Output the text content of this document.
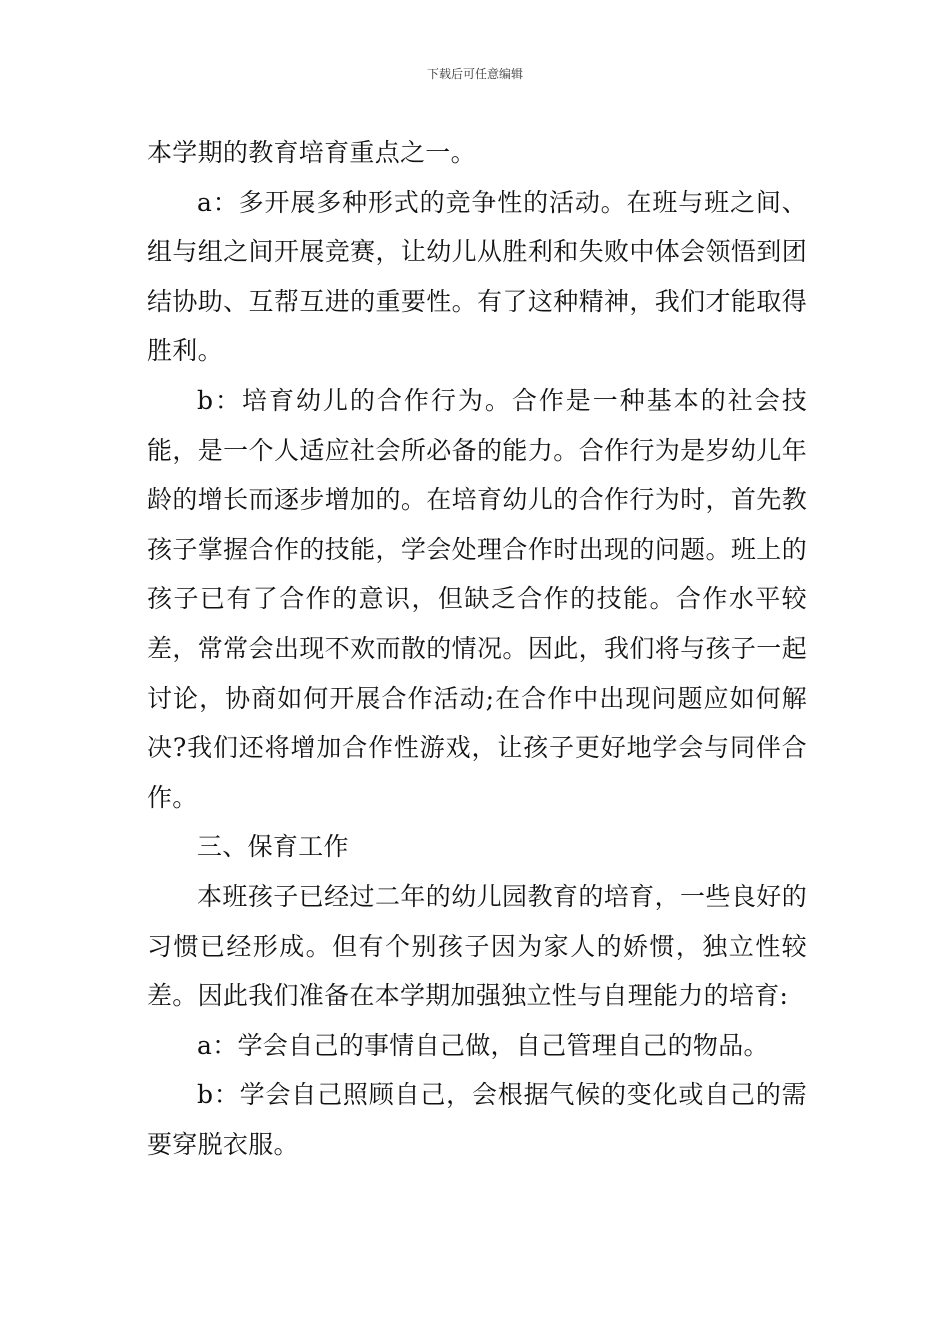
下载后可任意编辑

本学期的教育培育重点之一。

a：多开展多种形式的竞争性的活动。在班与班之间、组与组之间开展竞赛，让幼儿从胜利和失败中体会领悟到团结协助、互帮互进的重要性。有了这种精神，我们才能取得胜利。

b：培育幼儿的合作行为。合作是一种基本的社会技能，是一个人适应社会所必备的能力。合作行为是岁幼儿年龄的增长而逐步增加的。在培育幼儿的合作行为时，首先教孩子掌握合作的技能，学会处理合作时出现的问题。班上的孩子已有了合作的意识，但缺乏合作的技能。合作水平较差，常常会出现不欢而散的情况。因此，我们将与孩子一起讨论，协商如何开展合作活动;在合作中出现问题应如何解决?我们还将增加合作性游戏，让孩子更好地学会与同伴合作。

三、保育工作

本班孩子已经过二年的幼儿园教育的培育，一些良好的习惯已经形成。但有个别孩子因为家人的娇惯，独立性较差。因此我们准备在本学期加强独立性与自理能力的培育:

a：学会自己的事情自己做，自己管理自己的物品。

b：学会自己照顾自己，会根据气候的变化或自己的需要穿脱衣服。
